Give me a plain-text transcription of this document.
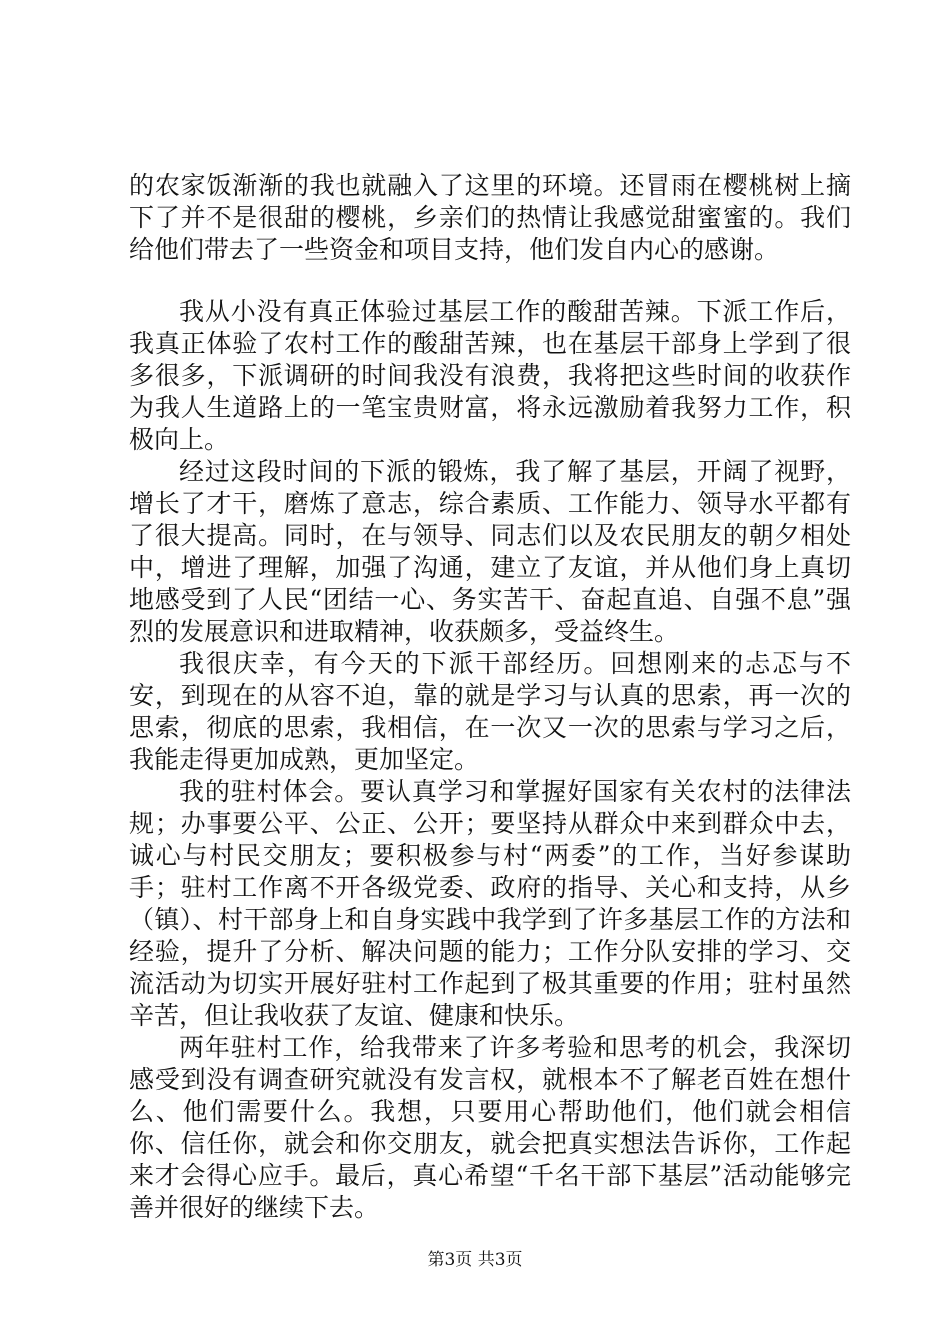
的农家饭渐渐的我也就融入了这里的环境。还冒雨在樱桃树上摘下了并不是很甜的樱桃，乡亲们的热情让我感觉甜蜜蜜的。我们给他们带去了一些资金和项目支持，他们发自内心的感谢。

我从小没有真正体验过基层工作的酸甜苦辣。下派工作后，我真正体验了农村工作的酸甜苦辣，也在基层干部身上学到了很多很多，下派调研的时间我没有浪费，我将把这些时间的收获作为我人生道路上的一笔宝贵财富，将永远激励着我努力工作，积极向上。

经过这段时间的下派的锻炼，我了解了基层，开阔了视野，增长了才干，磨炼了意志，综合素质、工作能力、领导水平都有了很大提高。同时，在与领导、同志们以及农民朋友的朝夕相处中，增进了理解，加强了沟通，建立了友谊，并从他们身上真切地感受到了人民“团结一心、务实苦干、奋起直追、自强不息”强烈的发展意识和进取精神，收获颇多，受益终生。

我很庆幸，有今天的下派干部经历。回想刚来的忐忑与不安，到现在的从容不迫，靠的就是学习与认真的思索，再一次的思索，彻底的思索，我相信，在一次又一次的思索与学习之后，我能走得更加成熟，更加坚定。

我的驻村体会。要认真学习和掌握好国家有关农村的法律法规；办事要公平、公正、公开；要坚持从群众中来到群众中去，诚心与村民交朋友；要积极参与村“两委”的工作，当好参谋助手；驻村工作离不开各级党委、政府的指导、关心和支持，从乡（镇）、村干部身上和自身实践中我学到了许多基层工作的方法和经验，提升了分析、解决问题的能力；工作分队安排的学习、交流活动为切实开展好驻村工作起到了极其重要的作用；驻村虽然辛苦，但让我收获了友谊、健康和快乐。

两年驻村工作，给我带来了许多考验和思考的机会，我深切感受到没有调查研究就没有发言权，就根本不了解老百姓在想什么、他们需要什么。我想，只要用心帮助他们，他们就会相信你、信任你，就会和你交朋友，就会把真实想法告诉你，工作起来才会得心应手。最后，真心希望“千名干部下基层”活动能够完善并很好的继续下去。

第3页 共3页
